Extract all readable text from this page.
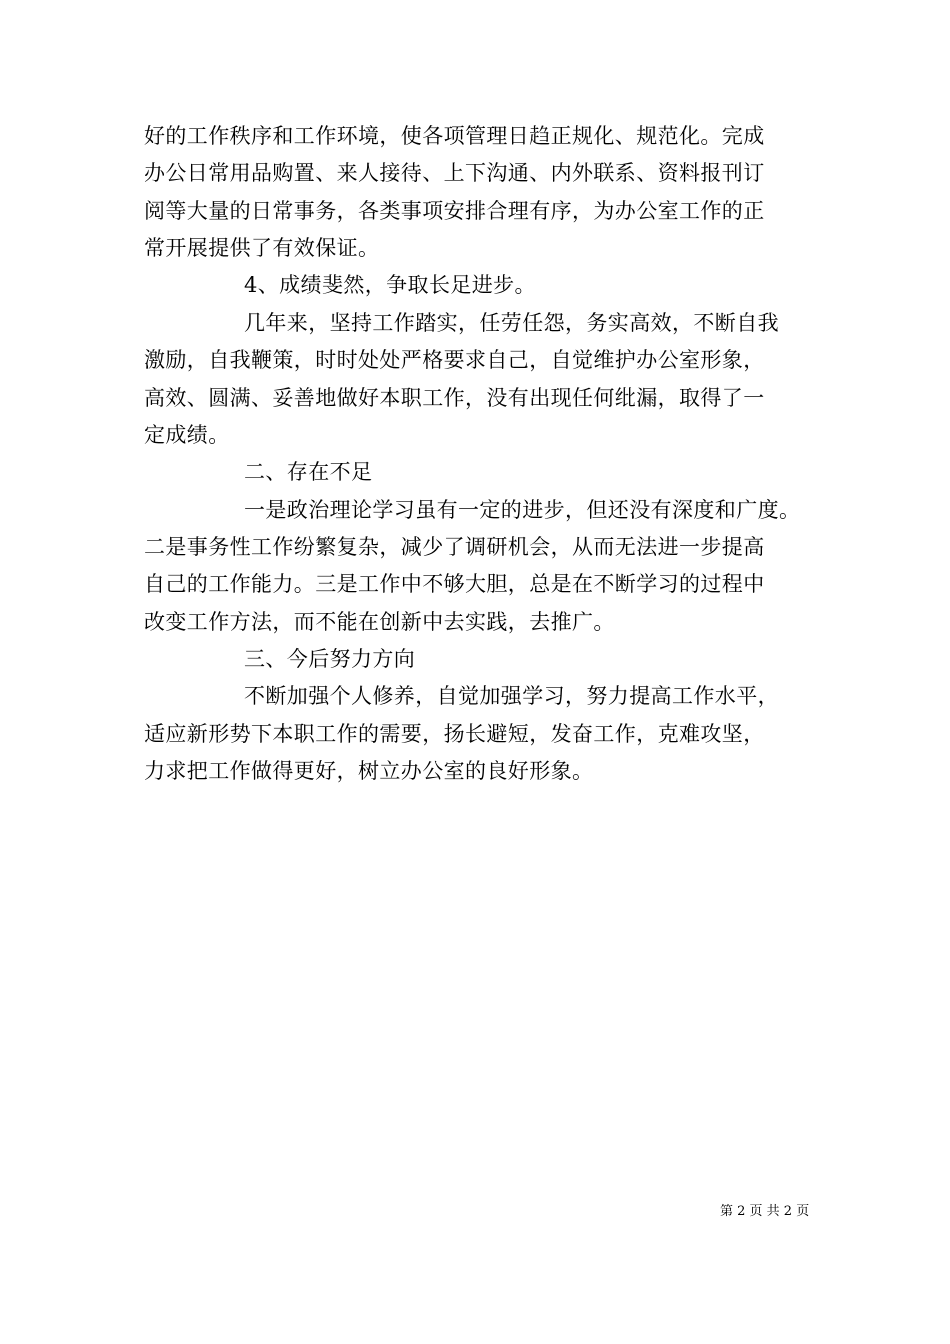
好的工作秩序和工作环境，使各项管理日趋正规化、规范化。完成
办公日常用品购置、来人接待、上下沟通、内外联系、资料报刊订
阅等大量的日常事务，各类事项安排合理有序，为办公室工作的正
常开展提供了有效保证。
4、成绩斐然，争取长足进步。
几年来，坚持工作踏实，任劳任怨，务实高效，不断自我
激励，自我鞭策，时时处处严格要求自己，自觉维护办公室形象，
高效、圆满、妥善地做好本职工作，没有出现任何纰漏，取得了一
定成绩。
二、存在不足
一是政治理论学习虽有一定的进步，但还没有深度和广度。
二是事务性工作纷繁复杂，减少了调研机会，从而无法进一步提高
自己的工作能力。三是工作中不够大胆，总是在不断学习的过程中
改变工作方法，而不能在创新中去实践，去推广。
三、今后努力方向
不断加强个人修养，自觉加强学习，努力提高工作水平，
适应新形势下本职工作的需要，扬长避短，发奋工作，克难攻坚，
力求把工作做得更好，树立办公室的良好形象。
第 2 页 共 2 页
